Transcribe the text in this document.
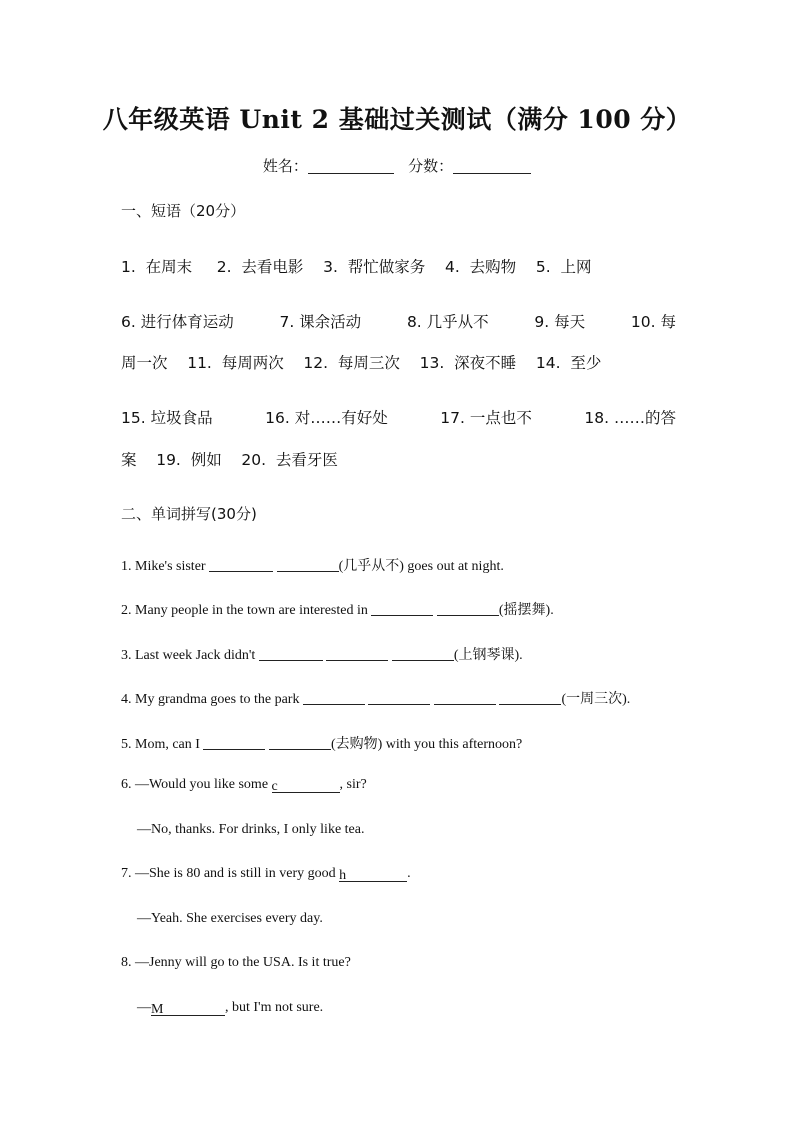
八年级英语 Unit 2 基础过关测试（满分 100 分）
姓名：	分数：
一、短语（20分）
1.  在周末     2.  去看电影    3.  帮忙做家务    4.  去购物    5.  上网
6. 进行体育运动	7. 课余活动	8. 几乎从不	9. 每天	10. 每
周一次    11.  每周两次    12.  每周三次    13.  深夜不睡    14.  至少
15. 垃圾食品	16. 对……有好处	17. 一点也不	18. ……的答
案    19.  例如    20.  去看牙医
二、单词拼写(30分)
1. Mike's sister	(几乎从不) goes out at night.
2. Many people in the town are interested in	(摇摆舞).
3. Last week Jack didn't	(上钢琴课).
4. My grandma goes to the park	(一周三次).
5. Mom, can I	(去购物) with you this afternoon?
6. —Would you like some c	, sir?
—No, thanks. For drinks, I only like tea.
7. —She is 80 and is still in very good h	.
—Yeah. She exercises every day.
8. —Jenny will go to the USA. Is it true?
—M	, but I'm not sure.
